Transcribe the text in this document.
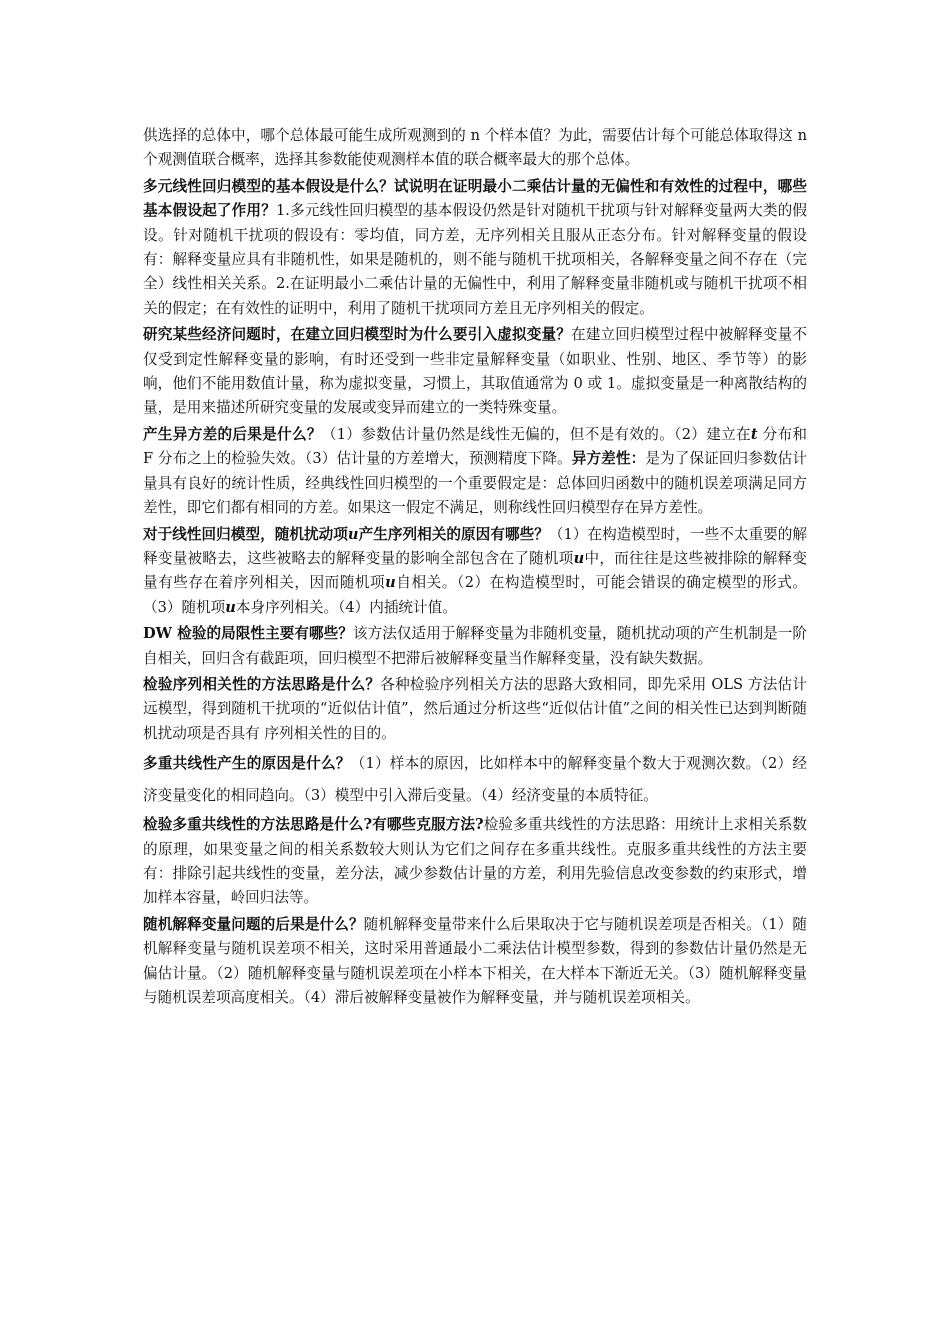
供选择的总体中，哪个总体最可能生成所观测到的 n 个样本值？为此，需要估计每个可能总体取得这 n 个观测值联合概率，选择其参数能使观测样本值的联合概率最大的那个总体。

多元线性回归模型的基本假设是什么？试说明在证明最小二乘估计量的无偏性和有效性的过程中，哪些基本假设起了作用？1.多元线性回归模型的基本假设仍然是针对随机干扰项与针对解释变量两大类的假设。针对随机干扰项的假设有：零均值，同方差，无序列相关且服从正态分布。针对解释变量的假设有：解释变量应具有非随机性，如果是随机的，则不能与随机干扰项相关，各解释变量之间不存在（完全）线性相关关系。2.在证明最小二乘估计量的无偏性中，利用了解释变量非随机或与随机干扰项不相关的假定；在有效性的证明中，利用了随机干扰项同方差且无序列相关的假定。

研究某些经济问题时，在建立回归模型时为什么要引入虚拟变量？在建立回归模型过程中被解释变量不仅受到定性解释变量的影响，有时还受到一些非定量解释变量（如职业、性别、地区、季节等）的影响，他们不能用数值计量，称为虚拟变量，习惯上，其取值通常为 0 或 1。虚拟变量是一种离散结构的量，是用来描述所研究变量的发展或变异而建立的一类特殊变量。

产生异方差的后果是什么？（1）参数估计量仍然是线性无偏的，但不是有效的。（2）建立在t 分布和 F 分布之上的检验失效。（3）估计量的方差增大，预测精度下降。异方差性：是为了保证回归参数估计量具有良好的统计性质，经典线性回归模型的一个重要假定是：总体回归函数中的随机误差项满足同方差性，即它们都有相同的方差。如果这一假定不满足，则称线性回归模型存在异方差性。

对于线性回归模型，随机扰动项u产生序列相关的原因有哪些？（1）在构造模型时，一些不太重要的解释变量被略去，这些被略去的解释变量的影响全部包含在了随机项u中，而往往是这些被排除的解释变量有些存在着序列相关，因而随机项u自相关。（2）在构造模型时，可能会错误的确定模型的形式。（3）随机项u本身序列相关。（4）内插统计值。

DW 检验的局限性主要有哪些？该方法仅适用于解释变量为非随机变量，随机扰动项的产生机制是一阶自相关，回归含有截距项，回归模型不把滞后被解释变量当作解释变量，没有缺失数据。

检验序列相关性的方法思路是什么？各种检验序列相关方法的思路大致相同，即先采用 OLS 方法估计远模型，得到随机干扰项的“近似估计值”，然后通过分析这些“近似估计值”之间的相关性已达到判断随机扰动项是否具有 序列相关性的目的。

多重共线性产生的原因是什么？（1）样本的原因，比如样本中的解释变量个数大于观测次数。（2）经济变量变化的相同趋向。（3）模型中引入滞后变量。（4）经济变量的本质特征。

检验多重共线性的方法思路是什么?有哪些克服方法?检验多重共线性的方法思路：用统计上求相关系数的原理，如果变量之间的相关系数较大则认为它们之间存在多重共线性。克服多重共线性的方法主要有：排除引起共线性的变量，差分法，减少参数估计量的方差，利用先验信息改变参数的约束形式，增加样本容量，岭回归法等。

随机解释变量问题的后果是什么？随机解释变量带来什么后果取决于它与随机误差项是否相关。（1）随机解释变量与随机误差项不相关，这时采用普通最小二乘法估计模型参数，得到的参数估计量仍然是无偏估计量。（2）随机解释变量与随机误差项在小样本下相关，在大样本下渐近无关。（3）随机解释变量与随机误差项高度相关。（4）滞后被解释变量被作为解释变量，并与随机误差项相关。
